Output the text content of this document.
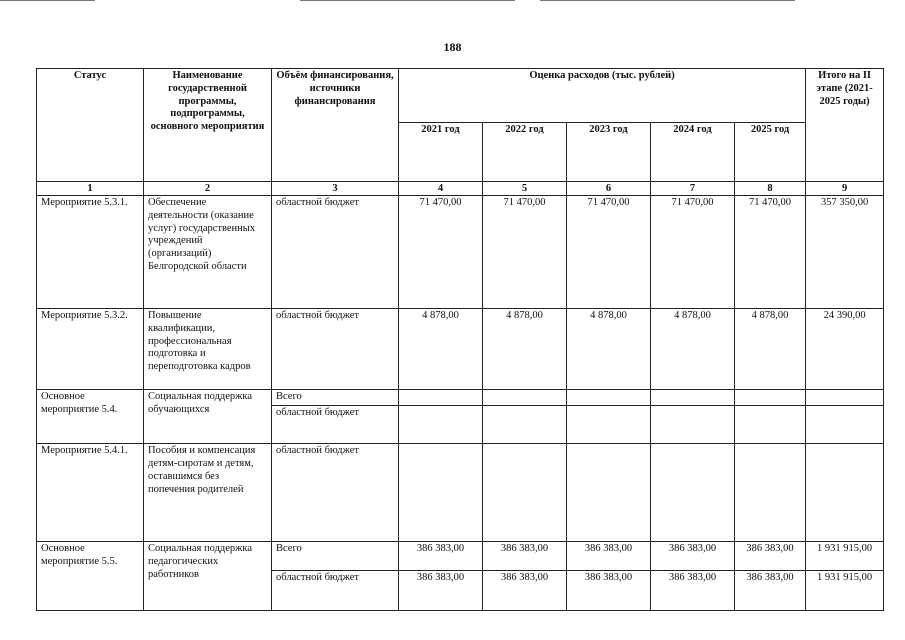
188
Статус	Наименование государственной программы, подпрограммы, основного мероприятия	Объём финансирования, источники финансирования	Оценка расходов (тыс. рублей)					Итого на II этапе (2021-2025 годы)
			2021 год	2022 год	2023 год	2024 год	2025 год	
1	2	3	4	5	6	7	8	9
Мероприятие 5.3.1.	Обеспечение деятельности (оказание услуг) государственных учреждений (организаций) Белгородской области	областной бюджет	71 470,00	71 470,00	71 470,00	71 470,00	71 470,00	357 350,00
Мероприятие 5.3.2.	Повышение квалификации, профессиональная подготовка и переподготовка кадров	областной бюджет	4 878,00	4 878,00	4 878,00	4 878,00	4 878,00	24 390,00
Основное мероприятие 5.4.	Социальная поддержка обучающихся	Всего						
		областной бюджет						
Мероприятие 5.4.1.	Пособия и компенсация детям-сиротам и детям, оставшимся без попечения родителей	областной бюджет						
Основное мероприятие 5.5.	Социальная поддержка педагогических работников	Всего	386 383,00	386 383,00	386 383,00	386 383,00	386 383,00	1 931 915,00
		областной бюджет	386 383,00	386 383,00	386 383,00	386 383,00	386 383,00	1 931 915,00
